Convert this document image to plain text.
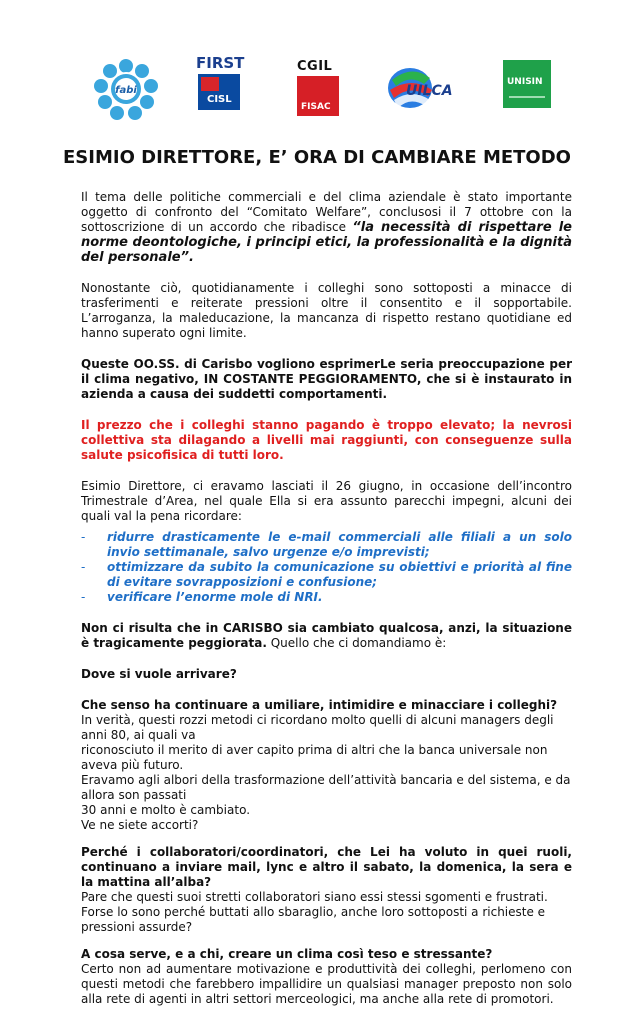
fabi
FIRST
CISL
CGIL
FISAC
UILCA
UNISIN
ESIMIO DIRETTORE, E’ ORA DI CAMBIARE METODO

Il tema delle politiche commerciali e del clima aziendale è stato importante oggetto di confronto del “Comitato Welfare”, conclusosi il 7 ottobre con la sottoscrizione di un accordo che ribadisce “la necessità di rispettare le norme deontologiche, i principi etici, la professionalità e la dignità del personale”.

Nonostante ciò, quotidianamente i colleghi sono sottoposti a minacce di trasferimenti e reiterate pressioni oltre il consentito e il sopportabile. L’arroganza, la maleducazione, la mancanza di rispetto restano quotidiane ed hanno superato ogni limite.

Queste OO.SS. di Carisbo vogliono esprimerLe seria preoccupazione per il clima negativo, IN COSTANTE PEGGIORAMENTO, che si è instaurato in azienda a causa dei suddetti comportamenti.

Il prezzo che i colleghi stanno pagando è troppo elevato; la nevrosi collettiva sta dilagando a livelli mai raggiunti, con conseguenze sulla salute psicofisica di tutti loro.

Esimio Direttore, ci eravamo lasciati il 26 giugno, in occasione dell’incontro Trimestrale d’Area, nel quale Ella si era assunto parecchi impegni, alcuni dei quali val la pena ricordare:

- ridurre drasticamente le e-mail commerciali alle filiali a un solo invio settimanale, salvo urgenze e/o imprevisti;
- ottimizzare da subito la comunicazione su obiettivi e priorità al fine di evitare sovrapposizioni e confusione;
- verificare l’enorme mole di NRI.

Non ci risulta che in CARISBO sia cambiato qualcosa, anzi, la situazione è tragicamente peggiorata. Quello che ci domandiamo è:

Dove si vuole arrivare?

Che senso ha continuare a umiliare, intimidire e minacciare i colleghi?

In verità, questi rozzi metodi ci ricordano molto quelli di alcuni managers degli anni 80, ai quali va
riconosciuto il merito di aver capito prima di altri che la banca universale non aveva più futuro.
Eravamo agli albori della trasformazione dell’attività bancaria e del sistema, e da allora son passati
30 anni e molto è cambiato.
Ve ne siete accorti?

Perché i collaboratori/coordinatori, che Lei ha voluto in quei ruoli, continuano a inviare mail, lync e altro il sabato, la domenica, la sera e la mattina all’alba?

Pare che questi suoi stretti collaboratori siano essi stessi sgomenti e frustrati.
Forse lo sono perché buttati allo sbaraglio, anche loro sottoposti a richieste e pressioni assurde?

A cosa serve, e a chi, creare un clima così teso e stressante?

Certo non ad aumentare motivazione e produttività dei colleghi, perlomeno con questi metodi che farebbero impallidire un qualsiasi manager preposto non solo alla rete di agenti in altri settori merceologici, ma anche alla rete di promotori.
